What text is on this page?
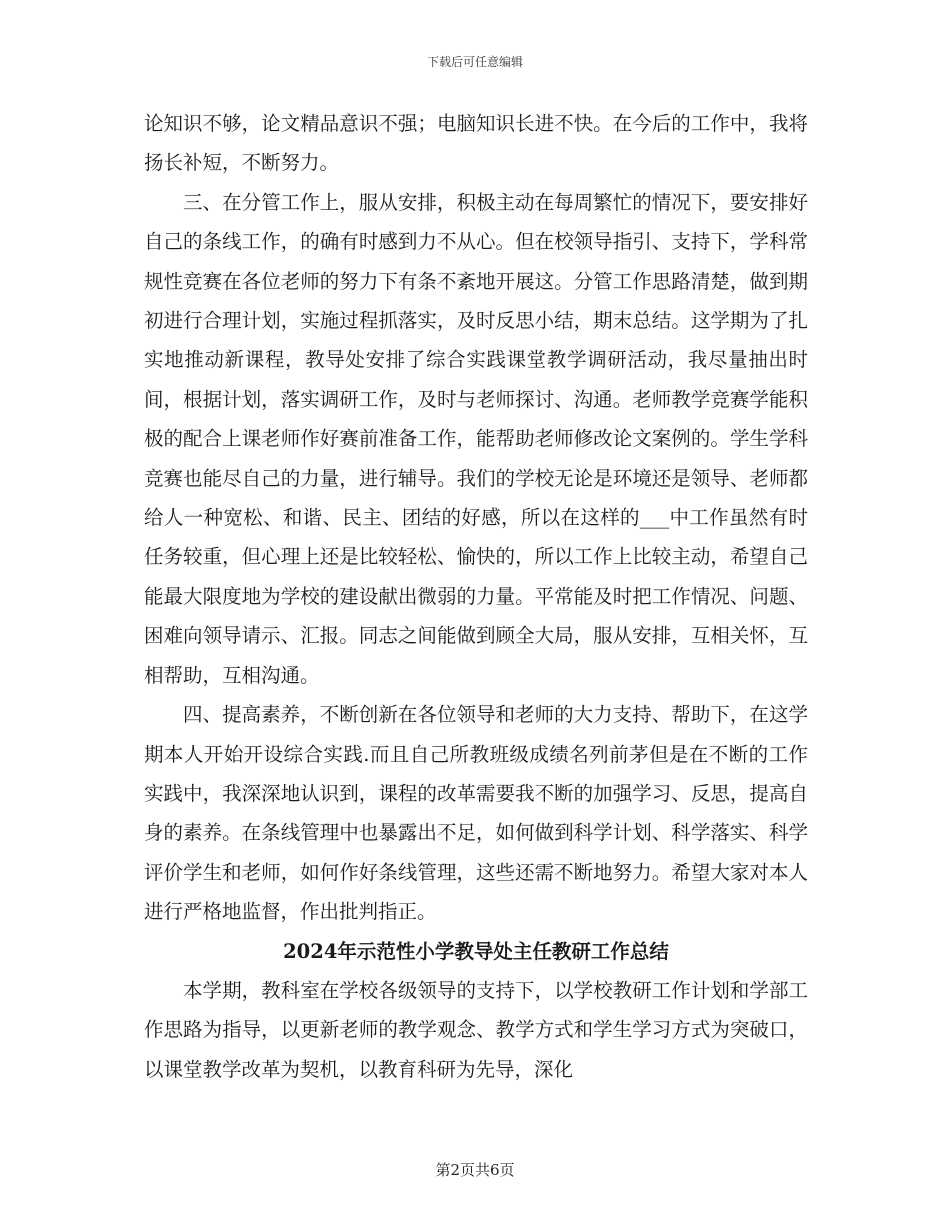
下载后可任意编辑

论知识不够，论文精品意识不强；电脑知识长进不快。在今后的工作中，我将扬长补短，不断努力。

三、在分管工作上，服从安排，积极主动在每周繁忙的情况下，要安排好自己的条线工作，的确有时感到力不从心。但在校领导指引、支持下，学科常规性竞赛在各位老师的努力下有条不紊地开展这。分管工作思路清楚，做到期初进行合理计划，实施过程抓落实，及时反思小结，期末总结。这学期为了扎实地推动新课程，教导处安排了综合实践课堂教学调研活动，我尽量抽出时间，根据计划，落实调研工作，及时与老师探讨、沟通。老师教学竞赛学能积极的配合上课老师作好赛前准备工作，能帮助老师修改论文案例的。学生学科竞赛也能尽自己的力量，进行辅导。我们的学校无论是环境还是领导、老师都给人一种宽松、和谐、民主、团结的好感，所以在这样的___中工作虽然有时任务较重，但心理上还是比较轻松、愉快的，所以工作上比较主动，希望自己能最大限度地为学校的建设献出微弱的力量。平常能及时把工作情况、问题、困难向领导请示、汇报。同志之间能做到顾全大局，服从安排，互相关怀，互相帮助，互相沟通。

四、提高素养，不断创新在各位领导和老师的大力支持、帮助下，在这学期本人开始开设综合实践.而且自己所教班级成绩名列前茅但是在不断的工作实践中，我深深地认识到，课程的改革需要我不断的加强学习、反思，提高自身的素养。在条线管理中也暴露出不足，如何做到科学计划、科学落实、科学评价学生和老师，如何作好条线管理，这些还需不断地努力。希望大家对本人进行严格地监督，作出批判指正。

2024年示范性小学教导处主任教研工作总结

本学期，教科室在学校各级领导的支持下，以学校教研工作计划和学部工作思路为指导，以更新老师的教学观念、教学方式和学生学习方式为突破口，以课堂教学改革为契机，以教育科研为先导，深化

第2页共6页
